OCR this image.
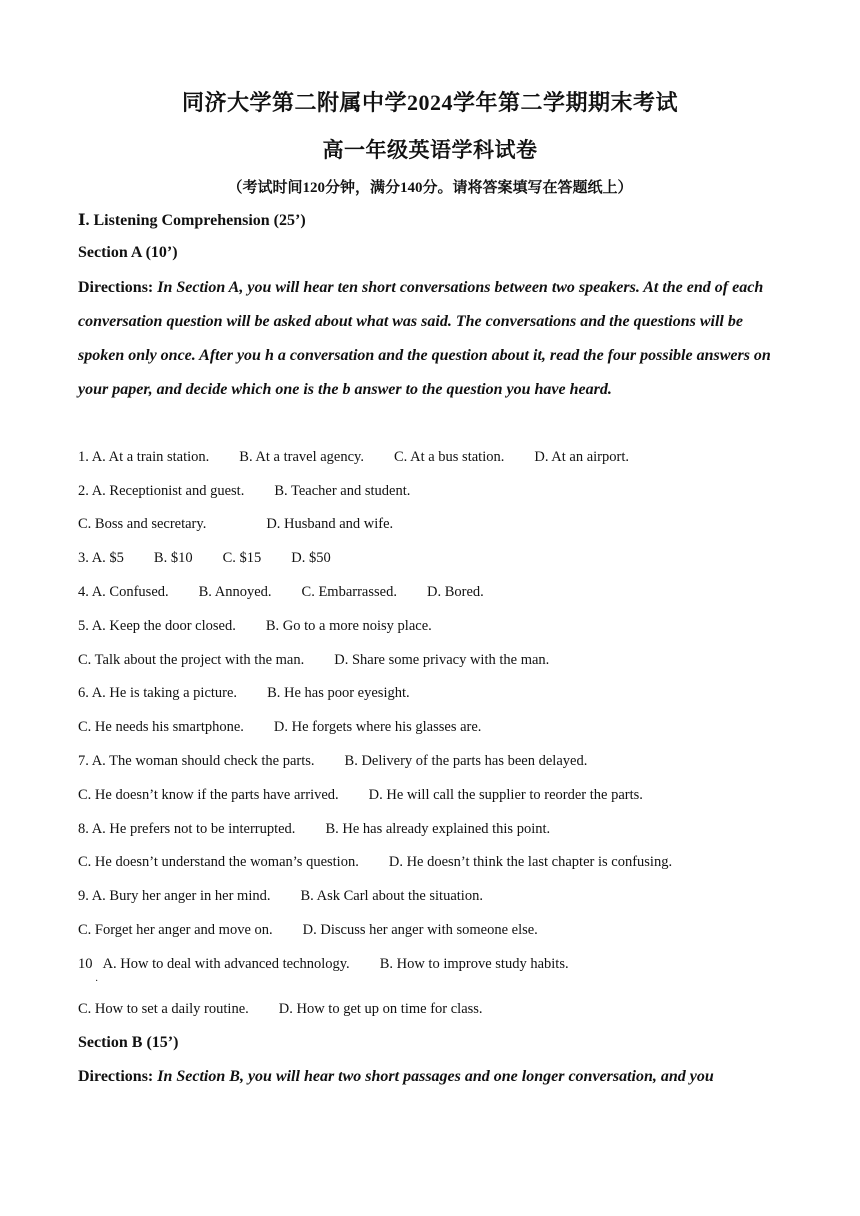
同济大学第二附属中学2024学年第二学期期末考试
高一年级英语学科试卷
（考试时间120分钟，满分140分。请将答案填写在答题纸上）
Ⅰ. Listening Comprehension (25’)
Section A (10’)
Directions: In Section A, you will hear ten short conversations between two speakers. At the end of each conversation question will be asked about what was said. The conversations and the questions will be spoken only once. After you h a conversation and the question about it, read the four possible answers on your paper, and decide which one is the b answer to the question you have heard.
1. A. At a train station. B. At a travel agency. C. At a bus station. D. At an airport.
2. A. Receptionist and guest. B. Teacher and student.
C. Boss and secretary.	D. Husband and wife.
3. A. $5 B. $10 C. $15 D. $50
4. A. Confused. B. Annoyed. C. Embarrassed. D. Bored.
5. A. Keep the door closed. B. Go to a more noisy place.
C. Talk about the project with the man. D. Share some privacy with the man.
6. A. He is taking a picture. B. He has poor eyesight.
C. He needs his smartphone. D. He forgets where his glasses are.
7. A. The woman should check the parts. B. Delivery of the parts has been delayed.
C. He doesn’t know if the parts have arrived. D. He will call the supplier to reorder the parts.
8. A. He prefers not to be interrupted. B. He has already explained this point.
C. He doesn’t understand the woman’s question. D. He doesn’t think the last chapter is confusing.
9. A. Bury her anger in her mind. B. Ask Carl about the situation.
C. Forget her anger and move on. D. Discuss her anger with someone else.
10   A. How to deal with advanced technology. B. How to improve study habits.
·
C. How to set a daily routine. D. How to get up on time for class.
Section B (15’)
Directions: In Section B, you will hear two short passages and one longer conversation, and you
